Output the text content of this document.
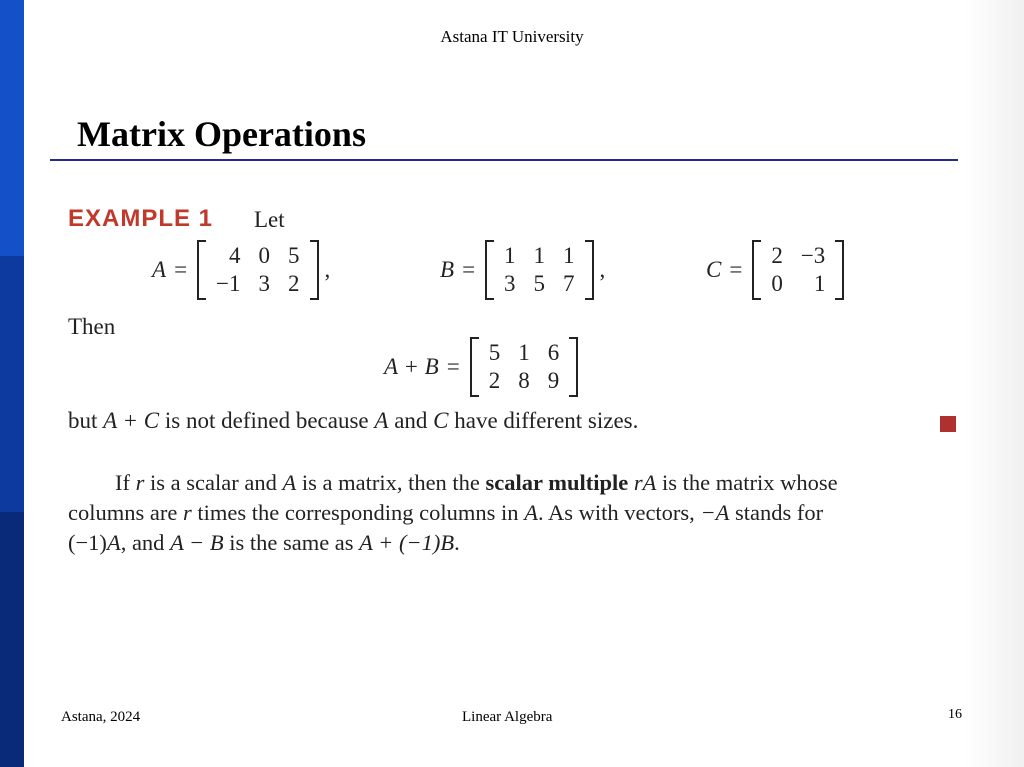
Astana IT University
Matrix Operations
EXAMPLE 1 Let
A =
4	0	5
−1	3	2
,	B =
1	1	1
3	5	7
,	C =
2	−3
0	1
Then
A + B =
5	1	6
2	8	9
but A + C is not defined because A and C have different sizes.
If r is a scalar and A is a matrix, then the scalar multiple rA is the matrix whose
columns are r times the corresponding columns in A. As with vectors, −A stands for
(−1)A, and A − B is the same as A + (−1)B.
Astana, 2024	Linear Algebra	16
